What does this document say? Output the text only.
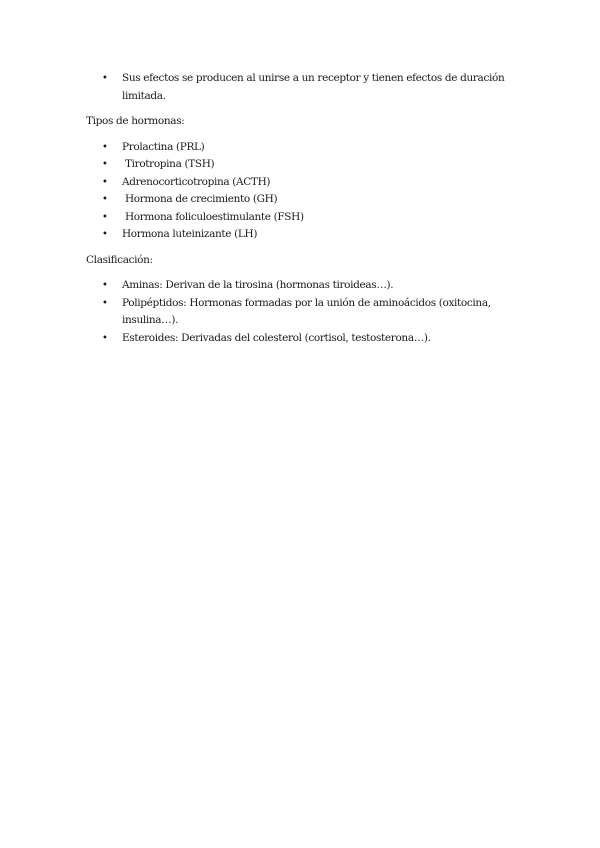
• Sus efectos se producen al unirse a un receptor y tienen efectos de duración limitada.

Tipos de hormonas:

• Prolactina (PRL)
• Tirotropina (TSH)
• Adrenocorticotropina (ACTH)
• Hormona de crecimiento (GH)
• Hormona foliculoestimulante (FSH)
• Hormona luteinizante (LH)

Clasificación:

• Aminas: Derivan de la tirosina (hormonas tiroideas…).
• Polipéptidos: Hormonas formadas por la unión de aminoácidos (oxitocina, insulina…).
• Esteroides: Derivadas del colesterol (cortisol, testosterona…).
